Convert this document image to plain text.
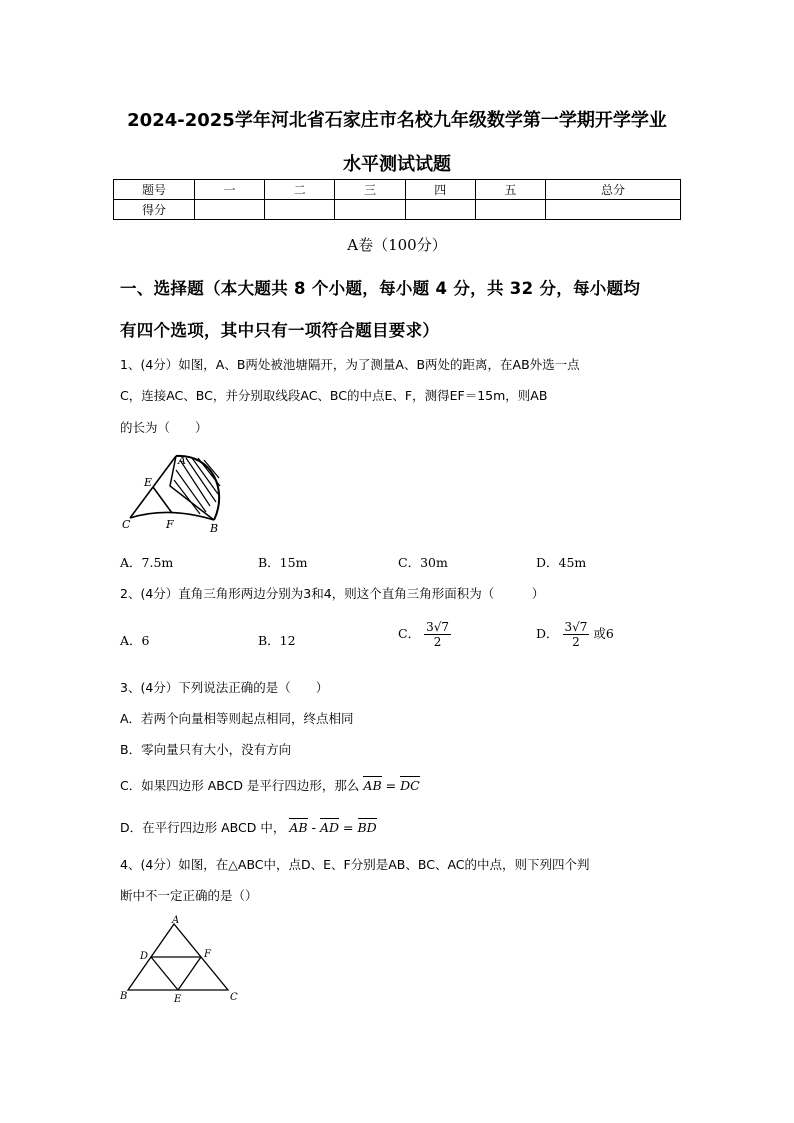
2024-2025学年河北省石家庄市名校九年级数学第一学期开学学业
水平测试试题
题号	一	二	三	四	五	总分
得分						
A卷（100分）
一、选择题（本大题共 8 个小题，每小题 4 分，共 32 分，每小题均
有四个选项，其中只有一项符合题目要求）
1、(4分）如图，A、B两处被池塘隔开，为了测量A、B两处的距离，在AB外选一点
C，连接AC、BC，并分别取线段AC、BC的中点E、F，测得EF＝15m，则AB
的长为（　　）
A
E
C	F	B
A．7.5m	B．15m	C．30m	D．45m
2、(4分）直角三角形两边分别为3和4，则这个直角三角形面积为（　　　）
A．6	B．12	C． $\frac{3√7}{2}$	D． $\frac{3√7}{2}$ 或6
3、(4分）下列说法正确的是（　　）
A．若两个向量相等则起点相同，终点相同
B．零向量只有大小，没有方向
C．如果四边形 ABCD 是平行四边形，那么 AB = DC
D．在平行四边形 ABCD 中， AB - AD = BD
4、(4分）如图，在△ABC中，点D、E、F分别是AB、BC、AC的中点，则下列四个判
断中不一定正确的是（）
A
D	F
B	E	C
